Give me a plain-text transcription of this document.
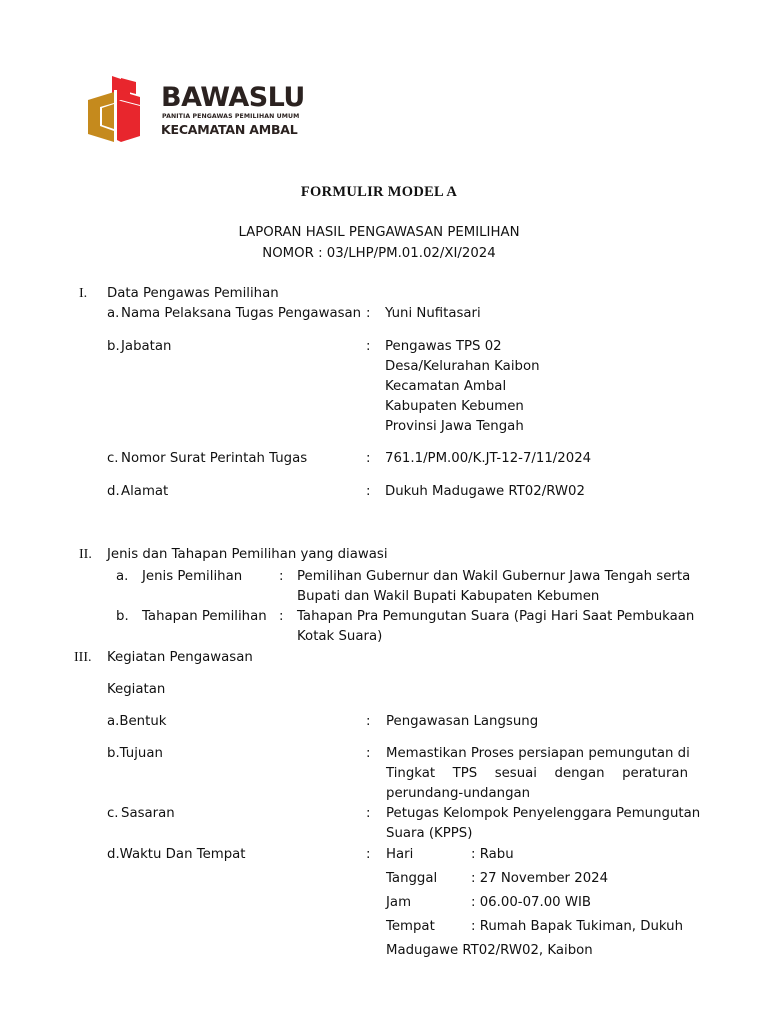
BAWASLU
PANITIA PENGAWAS PEMILIHAN UMUM
KECAMATAN AMBAL
FORMULIR MODEL A
LAPORAN HASIL PENGAWASAN PEMILIHAN
NOMOR : 03/LHP/PM.01.02/XI/2024
I. Data Pengawas Pemilihan
a. Nama Pelaksana Tugas Pengawasan : Yuni Nufitasari
b. Jabatan	: Pengawas TPS 02
Desa/Kelurahan Kaibon
Kecamatan Ambal
Kabupaten Kebumen
Provinsi Jawa Tengah
c. Nomor Surat Perintah Tugas	: 761.1/PM.00/K.JT-12-7/11/2024
d. Alamat	: Dukuh Madugawe RT02/RW02
II. Jenis dan Tahapan Pemilihan yang diawasi
a. Jenis Pemilihan	: Pemilihan Gubernur dan Wakil Gubernur Jawa Tengah serta
Bupati dan Wakil Bupati Kabupaten Kebumen
b. Tahapan Pemilihan : Tahapan Pra Pemungutan Suara (Pagi Hari Saat Pembukaan
Kotak Suara)
III. Kegiatan Pengawasan
Kegiatan
a.Bentuk	: Pengawasan Langsung
b.Tujuan	: Memastikan Proses persiapan pemungutan di
Tingkat TPS sesuai dengan peraturan
perundang-undangan
c. Sasaran	: Petugas Kelompok Penyelenggara Pemungutan
Suara (KPPS)
d.Waktu Dan Tempat	: Hari	: Rabu
Tanggal	: 27 November 2024
Jam	: 06.00-07.00 WIB
Tempat	: Rumah Bapak Tukiman, Dukuh
Madugawe RT02/RW02, Kaibon
